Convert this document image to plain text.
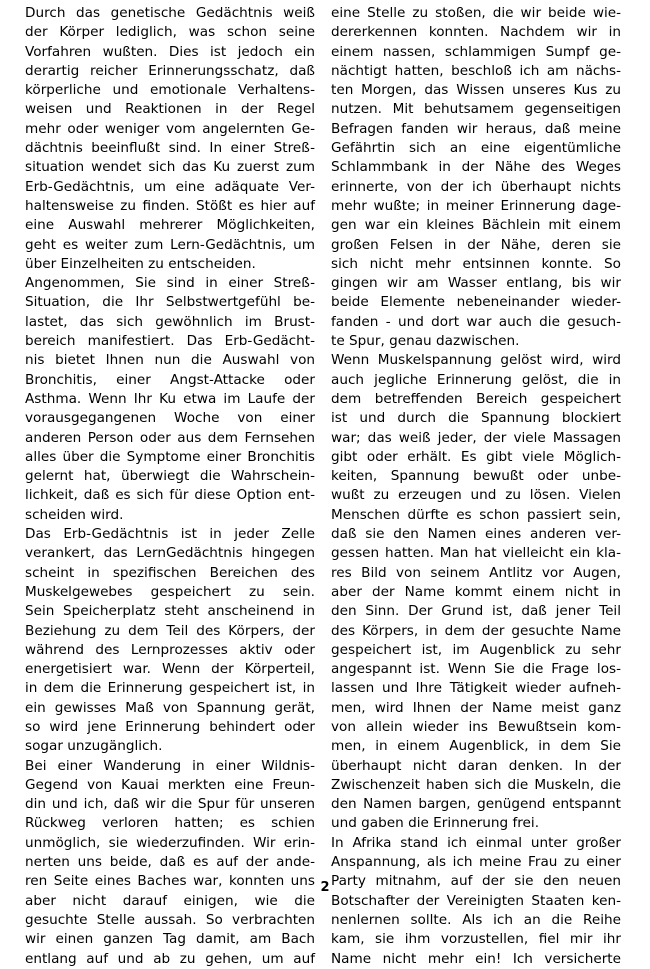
Durch das genetische Gedächtnis weiß
der Körper lediglich, was schon seine
Vorfahren wußten. Dies ist jedoch ein
derartig reicher Erinnerungsschatz, daß
körperliche und emotionale Verhaltens-
weisen und Reaktionen in der Regel
mehr oder weniger vom angelernten Ge-
dächtnis beeinflußt sind. In einer Streß-
situation wendet sich das Ku zuerst zum
Erb-Gedächtnis, um eine adäquate Ver-
haltensweise zu finden. Stößt es hier auf
eine Auswahl mehrerer Möglichkeiten,
geht es weiter zum Lern-Gedächtnis, um
über Einzelheiten zu entscheiden.

Angenommen, Sie sind in einer Streß-
Situation, die Ihr Selbstwertgefühl be-
lastet, das sich gewöhnlich im Brust-
bereich manifestiert. Das Erb-Gedächt-
nis bietet Ihnen nun die Auswahl von
Bronchitis, einer Angst-Attacke oder
Asthma. Wenn Ihr Ku etwa im Laufe der
vorausgegangenen Woche von einer
anderen Person oder aus dem Fernsehen
alles über die Symptome einer Bronchitis
gelernt hat, überwiegt die Wahrschein-
lichkeit, daß es sich für diese Option ent-
scheiden wird.

Das Erb-Gedächtnis ist in jeder Zelle
verankert, das LernGedächtnis hingegen
scheint in spezifischen Bereichen des
Muskelgewebes gespeichert zu sein.
Sein Speicherplatz steht anscheinend in
Beziehung zu dem Teil des Körpers, der
während des Lernprozesses aktiv oder
energetisiert war. Wenn der Körperteil,
in dem die Erinnerung gespeichert ist, in
ein gewisses Maß von Spannung gerät,
so wird jene Erinnerung behindert oder
sogar unzugänglich.

Bei einer Wanderung in einer Wildnis-
Gegend von Kauai merkten eine Freun-
din und ich, daß wir die Spur für unseren
Rückweg verloren hatten; es schien
unmöglich, sie wiederzufinden. Wir erin-
nerten uns beide, daß es auf der ande-
ren Seite eines Baches war, konnten uns
aber nicht darauf einigen, wie die
gesuchte Stelle aussah. So verbrachten
wir einen ganzen Tag damit, am Bach
entlang auf und ab zu gehen, um auf

eine Stelle zu stoßen, die wir beide wie-
dererkennen konnten. Nachdem wir in
einem nassen, schlammigen Sumpf ge-
nächtigt hatten, beschloß ich am nächs-
ten Morgen, das Wissen unseres Kus zu
nutzen. Mit behutsamem gegenseitigen
Befragen fanden wir heraus, daß meine
Gefährtin sich an eine eigentümliche
Schlammbank in der Nähe des Weges
erinnerte, von der ich überhaupt nichts
mehr wußte; in meiner Erinnerung dage-
gen war ein kleines Bächlein mit einem
großen Felsen in der Nähe, deren sie
sich nicht mehr entsinnen konnte. So
gingen wir am Wasser entlang, bis wir
beide Elemente nebeneinander wieder-
fanden - und dort war auch die gesuch-
te Spur, genau dazwischen.

Wenn Muskelspannung gelöst wird, wird
auch jegliche Erinnerung gelöst, die in
dem betreffenden Bereich gespeichert
ist und durch die Spannung blockiert
war; das weiß jeder, der viele Massagen
gibt oder erhält. Es gibt viele Möglich-
keiten, Spannung bewußt oder unbe-
wußt zu erzeugen und zu lösen. Vielen
Menschen dürfte es schon passiert sein,
daß sie den Namen eines anderen ver-
gessen hatten. Man hat vielleicht ein kla-
res Bild von seinem Antlitz vor Augen,
aber der Name kommt einem nicht in
den Sinn. Der Grund ist, daß jener Teil
des Körpers, in dem der gesuchte Name
gespeichert ist, im Augenblick zu sehr
angespannt ist. Wenn Sie die Frage los-
lassen und Ihre Tätigkeit wieder aufneh-
men, wird Ihnen der Name meist ganz
von allein wieder ins Bewußtsein kom-
men, in einem Augenblick, in dem Sie
überhaupt nicht daran denken. In der
Zwischenzeit haben sich die Muskeln, die
den Namen bargen, genügend entspannt
und gaben die Erinnerung frei.

In Afrika stand ich einmal unter großer
Anspannung, als ich meine Frau zu einer
Party mitnahm, auf der sie den neuen
Botschafter der Vereinigten Staaten ken-
nenlernen sollte. Als ich an die Reihe
kam, sie ihm vorzustellen, fiel mir ihr
Name nicht mehr ein! Ich versicherte

2
